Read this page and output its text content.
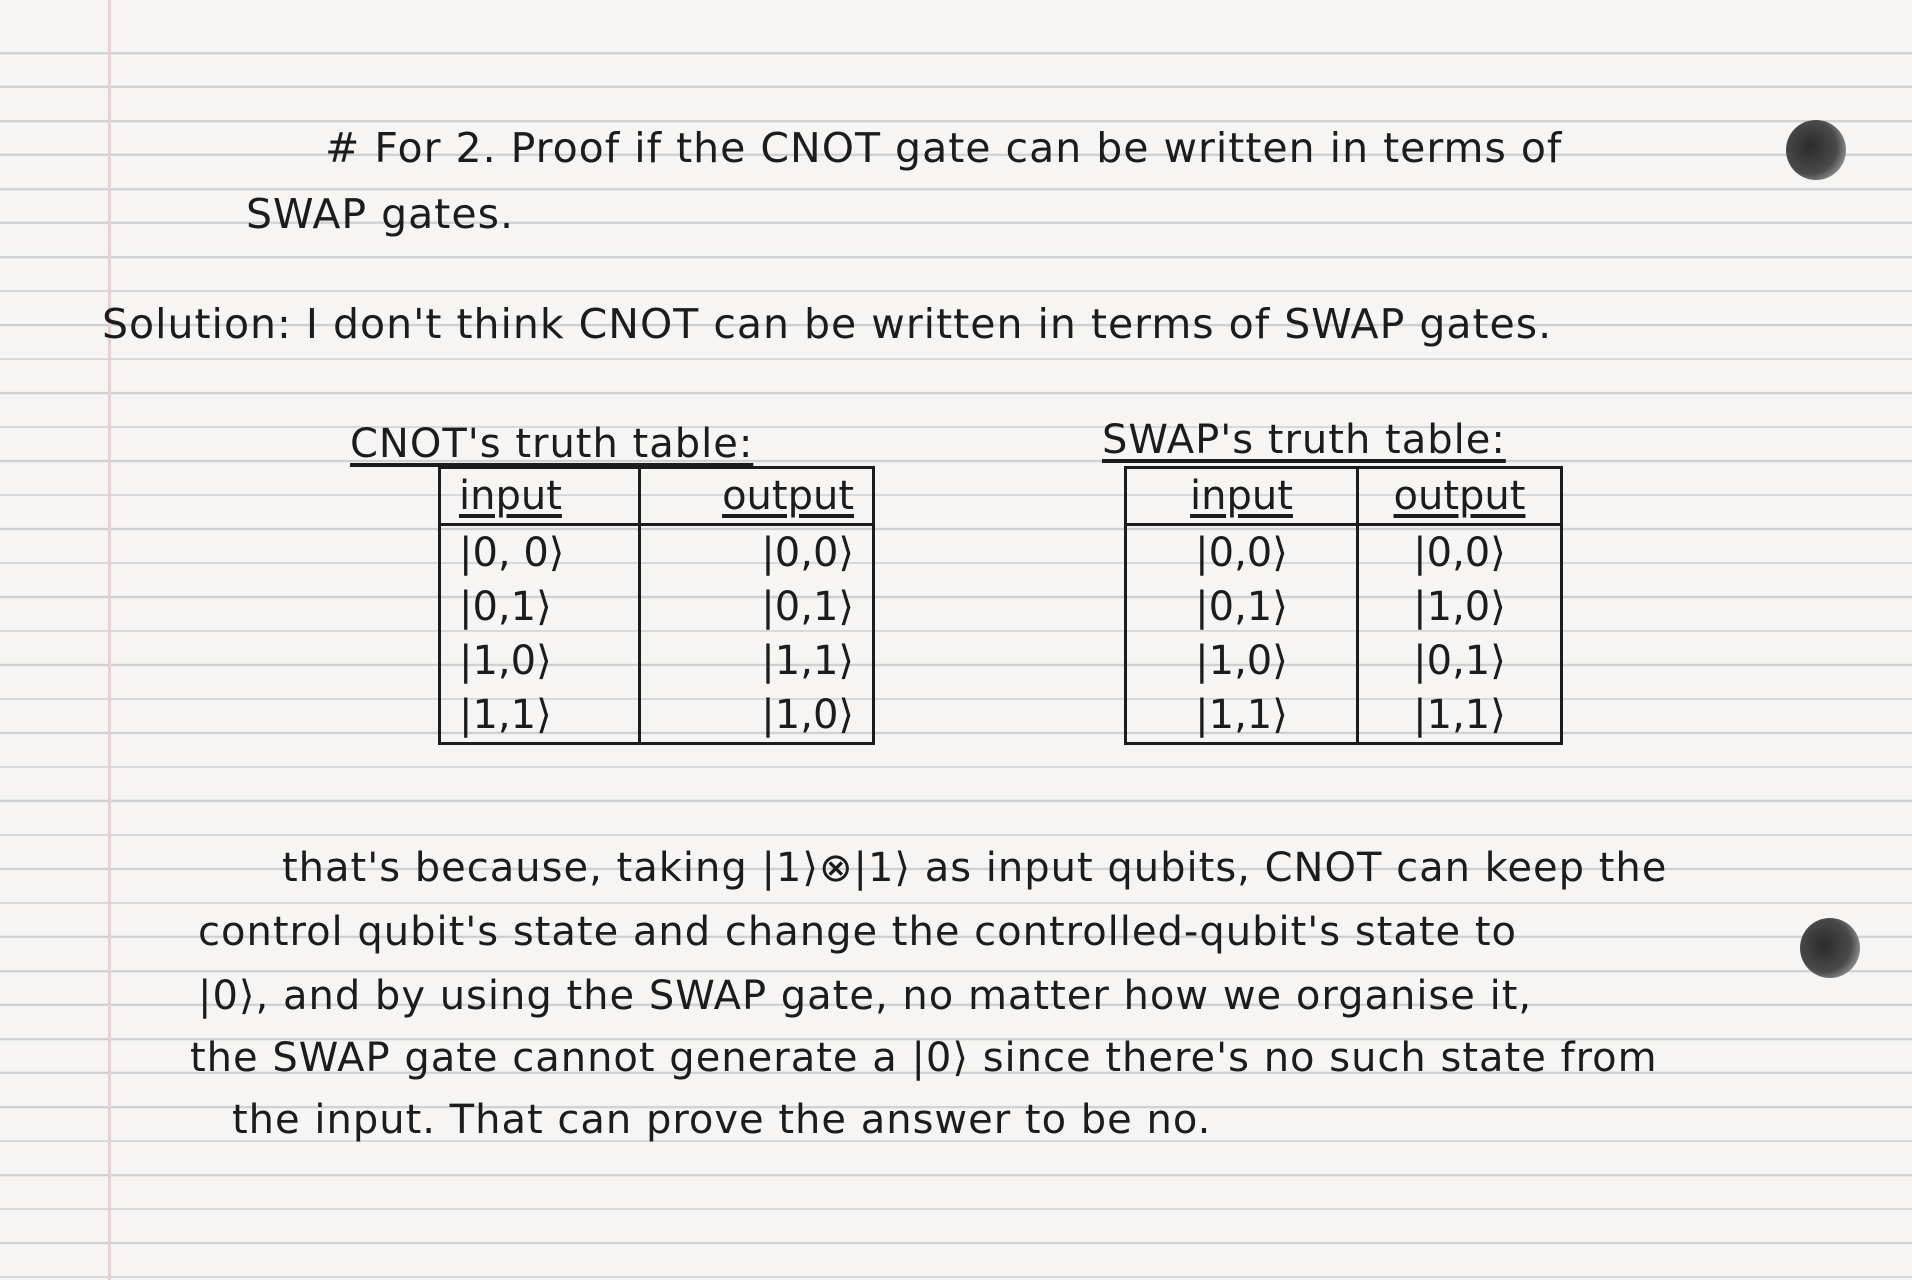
# For 2. Proof if the CNOT gate can be written in terms of
SWAP gates.
Solution: I don't think CNOT can be written in terms of SWAP gates.
CNOT's truth table:
input	output
|0, 0⟩	|0,0⟩
|0,1⟩	|0,1⟩
|1,0⟩	|1,1⟩
|1,1⟩	|1,0⟩
SWAP's truth table:
input	output
|0,0⟩	|0,0⟩
|0,1⟩	|1,0⟩
|1,0⟩	|0,1⟩
|1,1⟩	|1,1⟩
that's because, taking |1⟩⊗|1⟩ as input qubits, CNOT can keep the
control qubit's state and change the controlled-qubit's state to
|0⟩, and by using the SWAP gate, no matter how we organise it,
the SWAP gate cannot generate a |0⟩ since there's no such state from
the input. That can prove the answer to be no.
